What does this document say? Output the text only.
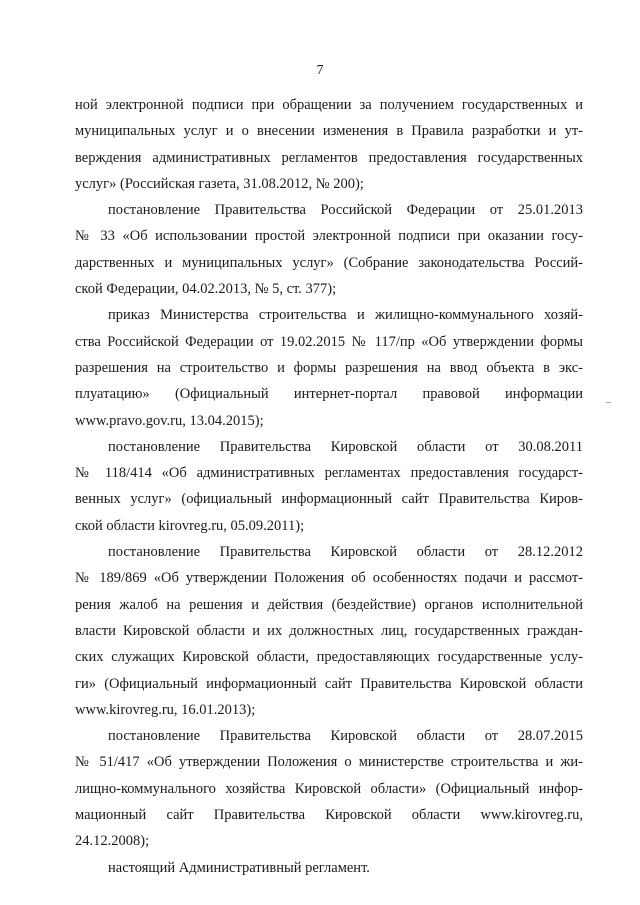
7
ной электронной подписи при обращении за получением государственных и
муниципальных услуг и о внесении изменения в Правила разработки и ут-
верждения административных регламентов предоставления государственных
услуг» (Российская газета, 31.08.2012, № 200);
постановление Правительства Российской Федерации от 25.01.2013
№ 33 «Об использовании простой электронной подписи при оказании госу-
дарственных и муниципальных услуг» (Собрание законодательства Россий-
ской Федерации, 04.02.2013, № 5, ст. 377);
приказ Министерства строительства и жилищно-коммунального хозяй-
ства Российской Федерации от 19.02.2015 № 117/пр «Об утверждении формы
разрешения на строительство и формы разрешения на ввод объекта в экс-
плуатацию» (Официальный интернет-портал правовой информации
www.pravo.gov.ru, 13.04.2015);
постановление Правительства Кировской области от 30.08.2011
№ 118/414 «Об административных регламентах предоставления государст-
венных услуг» (официальный информационный сайт Правительства Киров-
ской области kirovreg.ru, 05.09.2011);
постановление Правительства Кировской области от 28.12.2012
№ 189/869 «Об утверждении Положения об особенностях подачи и рассмот-
рения жалоб на решения и действия (бездействие) органов исполнительной
власти Кировской области и их должностных лиц, государственных граждан-
ских служащих Кировской области, предоставляющих государственные услу-
ги» (Официальный информационный сайт Правительства Кировской области
www.kirovreg.ru, 16.01.2013);
постановление Правительства Кировской области от 28.07.2015
№ 51/417 «Об утверждении Положения о министерстве строительства и жи-
лищно-коммунального хозяйства Кировской области» (Официальный инфор-
мационный сайт Правительства Кировской области www.kirovreg.ru,
24.12.2008);
настоящий Административный регламент.
–
`
